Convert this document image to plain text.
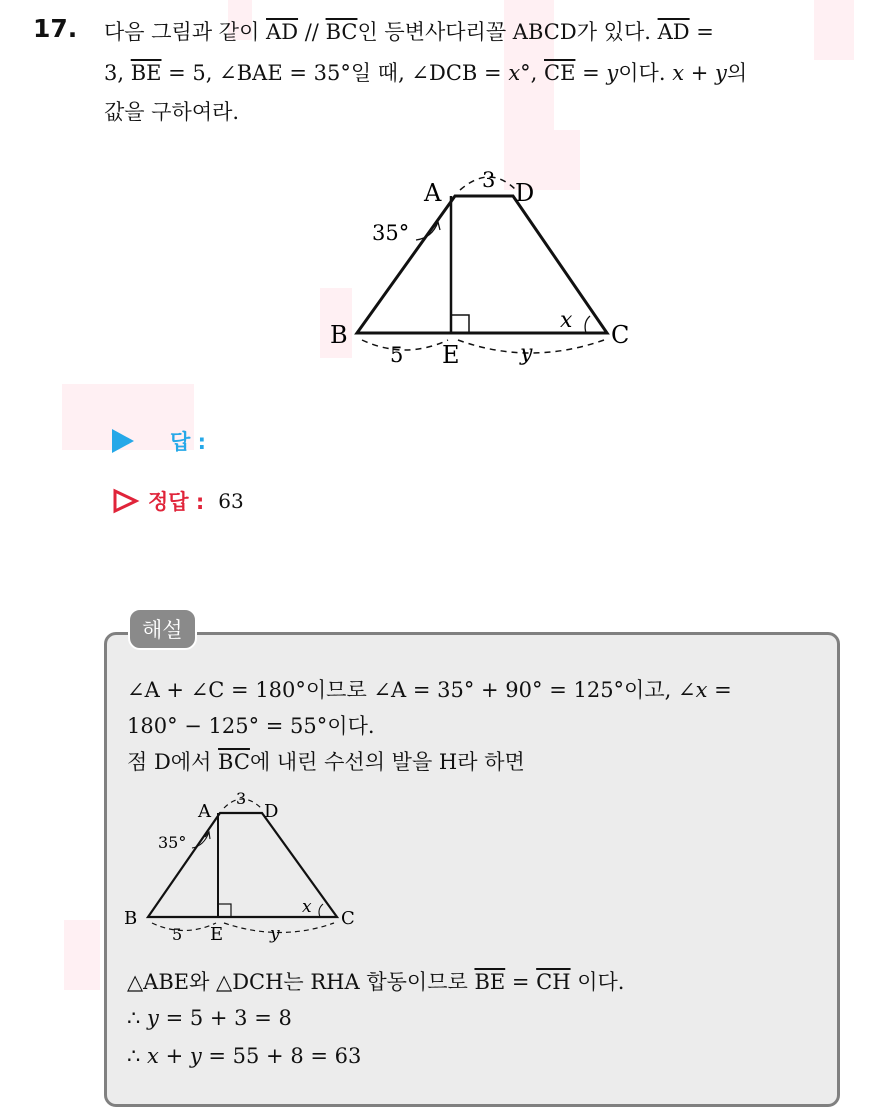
17. 다음 그림과 같이 $\overline{AD} // \overline{BC}$인 등변사다리꼴 ABCD가 있다. $\overline{AD}$ =
3, $\overline{BE} = 5$, ∠BAE = 35°일 때, ∠DCB = x°, $\overline{CE} = y$이다. x + y의
값을 구하여라.
A	D
B	C
E
35°
3
5	y
x
답 :
정답 : 63
해설
∠A + ∠C = 180°이므로 ∠A = 35° + 90° = 125°이고, ∠x =
180° − 125° = 55°이다.
점 D에서 $\overline{BC}$에 내린 수선의 발을 H라 하면
A	D
B	C
E
35°
3
5	y
x
△ABE와 △DCH는 RHA 합동이므로 $\overline{BE} = \overline{CH}$ 이다.
∴ y = 5 + 3 = 8
∴ x + y = 55 + 8 = 63
